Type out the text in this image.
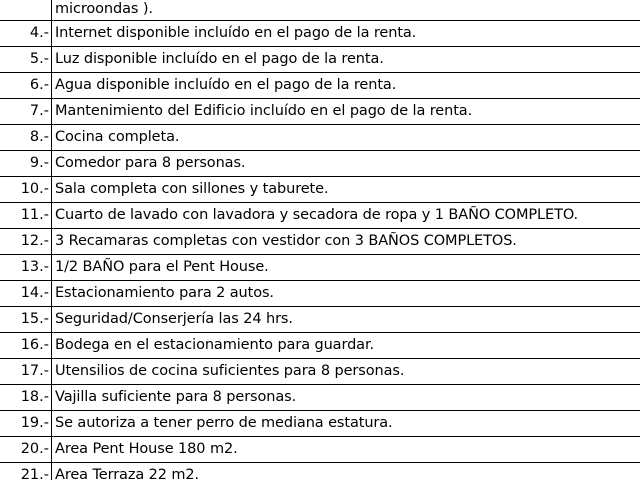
	microondas ).
4.-	Internet disponible incluído en el pago de la renta.
5.-	Luz disponible incluído en el pago de la renta.
6.-	Agua disponible incluído en el pago de la renta.
7.-	Mantenimiento del Edificio incluído en el pago de la renta.
8.-	Cocina completa.
9.-	Comedor para 8 personas.
10.-	Sala completa con sillones y taburete.
11.-	Cuarto de lavado con lavadora y secadora de ropa y 1 BAÑO COMPLETO.
12.-	3 Recamaras completas con vestidor con 3 BAÑOS COMPLETOS.
13.-	1/2 BAÑO para el Pent House.
14.-	Estacionamiento para 2 autos.
15.-	Seguridad/Conserjería las 24 hrs.
16.-	Bodega en el estacionamiento para guardar.
17.-	Utensilios de cocina suficientes para 8 personas.
18.-	Vajilla suficiente para 8 personas.
19.-	Se autoriza a tener perro de mediana estatura.
20.-	Area Pent House 180 m2.
21.-	Area Terraza 22 m2.
